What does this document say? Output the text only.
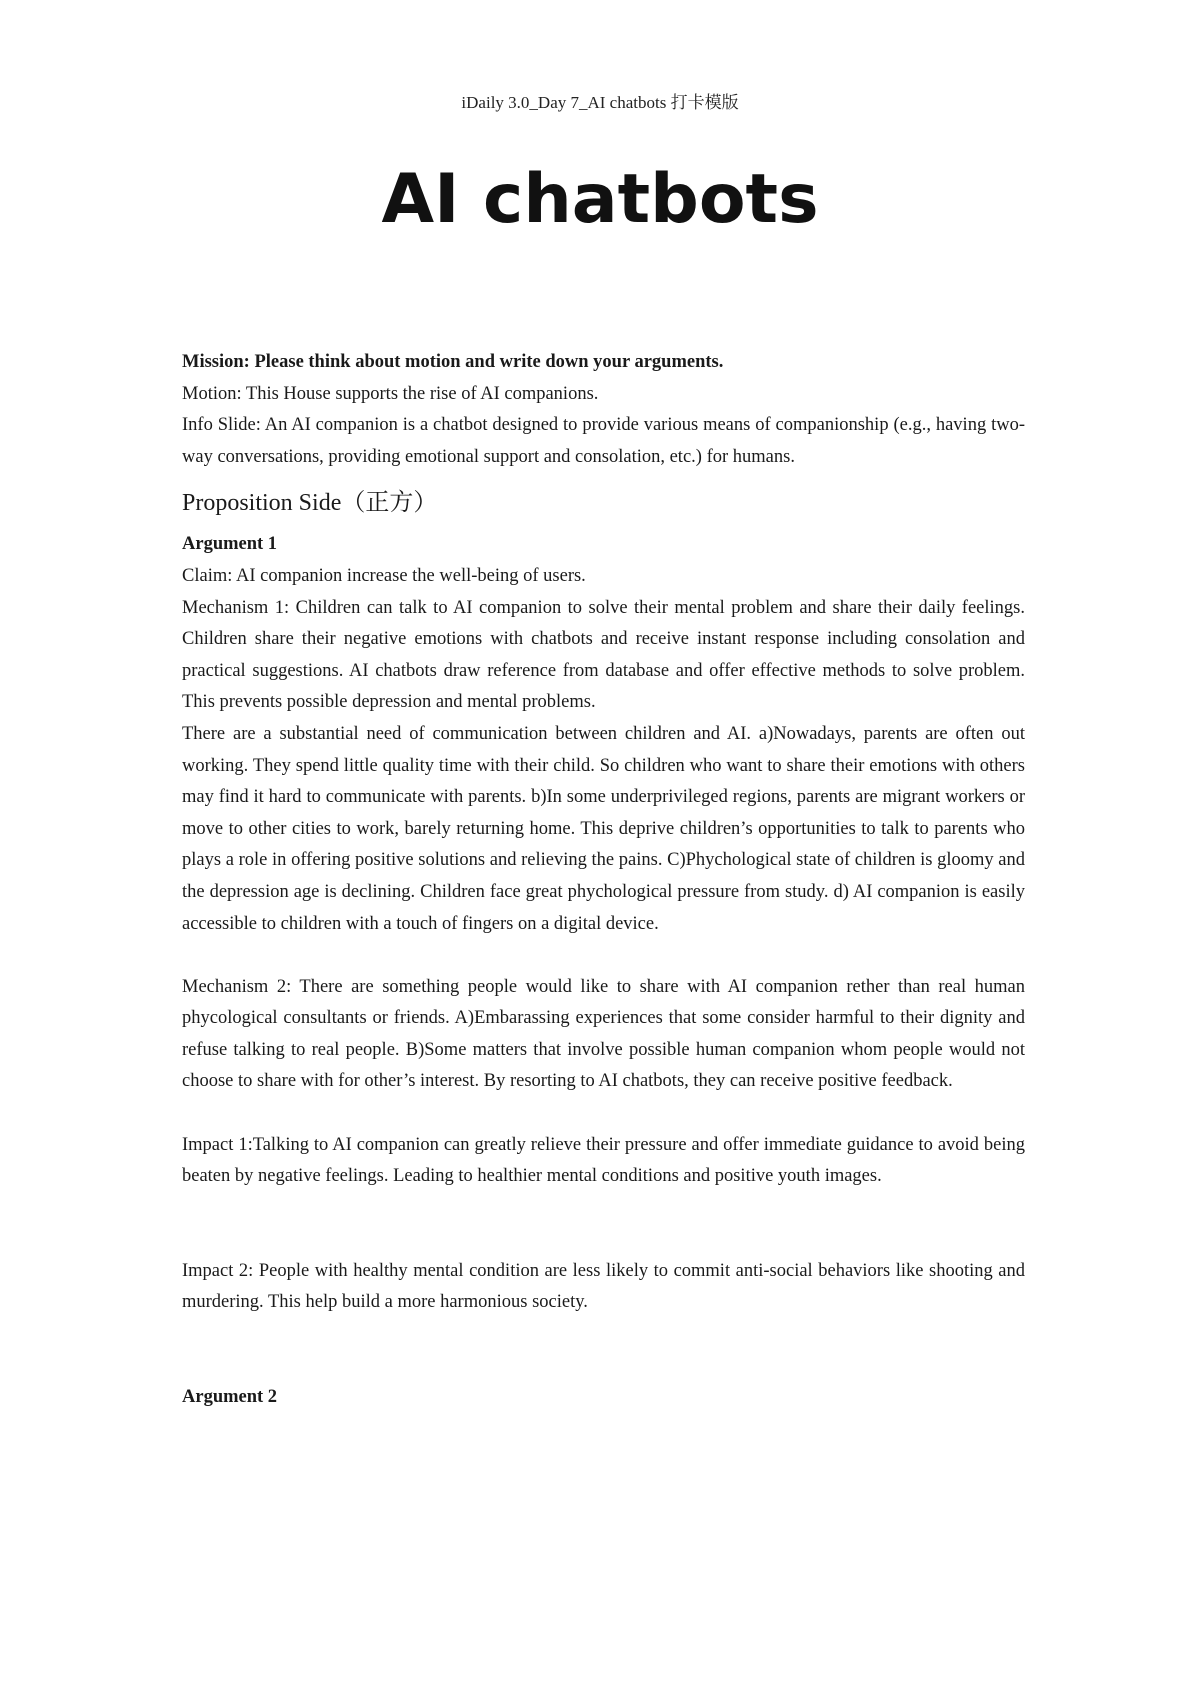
iDaily 3.0_Day 7_AI chatbots 打卡模版
AI chatbots

Mission: Please think about motion and write down your arguments.

Motion: This House supports the rise of AI companions.

Info Slide: An AI companion is a chatbot designed to provide various means of companionship (e.g., having two-way conversations, providing emotional support and consolation, etc.) for humans.

Proposition Side（正方）

Argument 1

Claim: AI companion increase the well-being of users.

Mechanism 1: Children can talk to AI companion to solve their mental problem and share their daily feelings. Children share their negative emotions with chatbots and receive instant response including consolation and practical suggestions. AI chatbots draw reference from database and offer effective methods to solve problem. This prevents possible depression and mental problems.

There are a substantial need of communication between children and AI. a)Nowadays, parents are often out working. They spend little quality time with their child. So children who want to share their emotions with others may find it hard to communicate with parents. b)In some underprivileged regions, parents are migrant workers or move to other cities to work, barely returning home. This deprive children’s opportunities to talk to parents who plays a role in offering positive solutions and relieving the pains. C)Phychological state of children is gloomy and the depression age is declining. Children face great phychological pressure from study. d) AI companion is easily accessible to children with a touch of fingers on a digital device.

Mechanism 2: There are something people would like to share with AI companion rether than real human phycological consultants or friends. A)Embarassing experiences that some consider harmful to their dignity and refuse talking to real people. B)Some matters that involve possible human companion whom people would not choose to share with for other’s interest. By resorting to AI chatbots, they can receive positive feedback.

Impact 1:Talking to AI companion can greatly relieve their pressure and offer immediate guidance to avoid being beaten by negative feelings. Leading to healthier mental conditions and positive youth images.

Impact 2: People with healthy mental condition are less likely to commit anti-social behaviors like shooting and murdering. This help build a more harmonious society.

Argument 2
